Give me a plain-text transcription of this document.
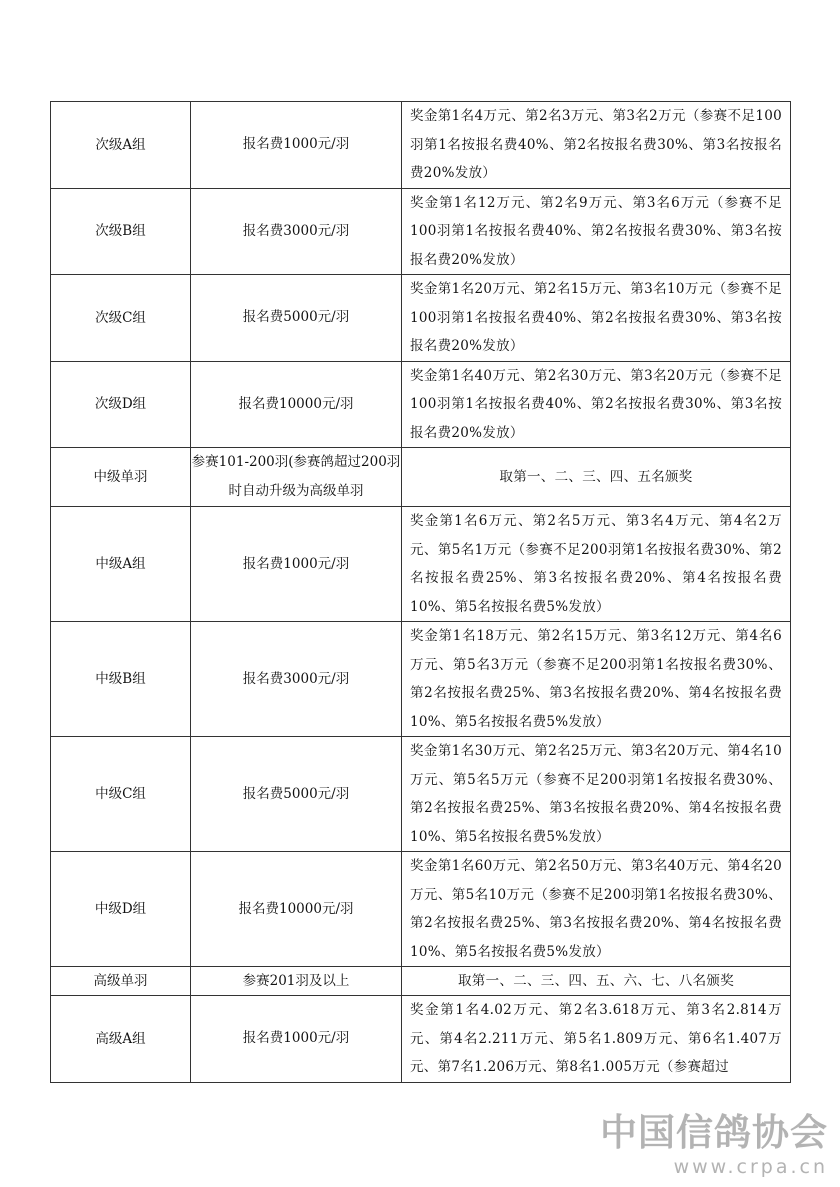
次级A组	报名费1000元/羽	奖金第1名4万元、第2名3万元、第3名2万元（参赛不足100羽第1名按报名费40%、第2名按报名费30%、第3名按报名费20%发放）
次级B组	报名费3000元/羽	奖金第1名12万元、第2名9万元、第3名6万元（参赛不足100羽第1名按报名费40%、第2名按报名费30%、第3名按报名费20%发放）
次级C组	报名费5000元/羽	奖金第1名20万元、第2名15万元、第3名10万元（参赛不足100羽第1名按报名费40%、第2名按报名费30%、第3名按报名费20%发放）
次级D组	报名费10000元/羽	奖金第1名40万元、第2名30万元、第3名20万元（参赛不足100羽第1名按报名费40%、第2名按报名费30%、第3名按报名费20%发放）
中级单羽	参赛101-200羽(参赛鸽超过200羽时自动升级为高级单羽	取第一、二、三、四、五名颁奖
中级A组	报名费1000元/羽	奖金第1名6万元、第2名5万元、第3名4万元、第4名2万元、第5名1万元（参赛不足200羽第1名按报名费30%、第2名按报名费25%、第3名按报名费20%、第4名按报名费10%、第5名按报名费5%发放）
中级B组	报名费3000元/羽	奖金第1名18万元、第2名15万元、第3名12万元、第4名6万元、第5名3万元（参赛不足200羽第1名按报名费30%、第2名按报名费25%、第3名按报名费20%、第4名按报名费10%、第5名按报名费5%发放）
中级C组	报名费5000元/羽	奖金第1名30万元、第2名25万元、第3名20万元、第4名10万元、第5名5万元（参赛不足200羽第1名按报名费30%、第2名按报名费25%、第3名按报名费20%、第4名按报名费10%、第5名按报名费5%发放）
中级D组	报名费10000元/羽	奖金第1名60万元、第2名50万元、第3名40万元、第4名20万元、第5名10万元（参赛不足200羽第1名按报名费30%、第2名按报名费25%、第3名按报名费20%、第4名按报名费10%、第5名按报名费5%发放）
高级单羽	参赛201羽及以上	取第一、二、三、四、五、六、七、八名颁奖
高级A组	报名费1000元/羽	奖金第1名4.02万元、第2名3.618万元、第3名2.814万元、第4名2.211万元、第5名1.809万元、第6名1.407万元、第7名1.206万元、第8名1.005万元（参赛超过
中国信鸽协会
www.crpa.cn
